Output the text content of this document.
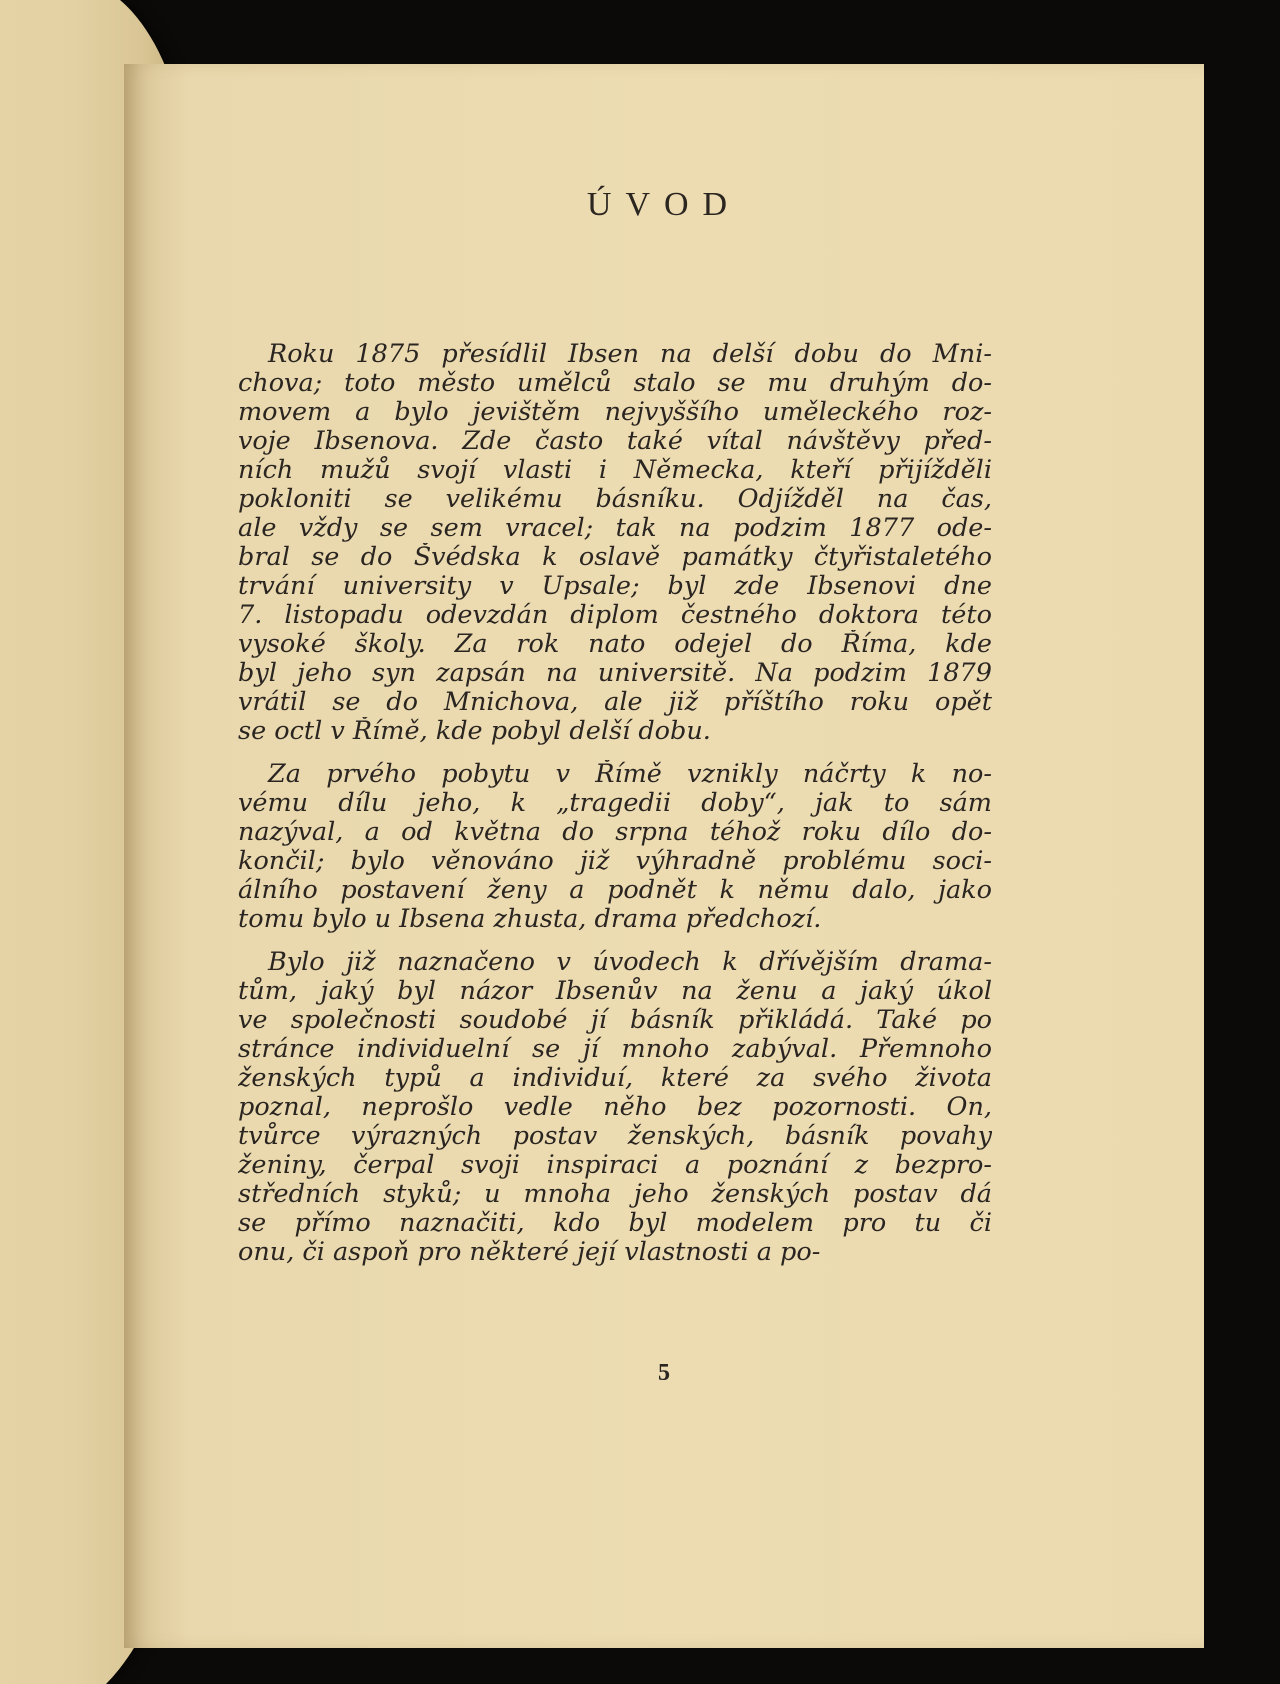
ÚVOD
Roku 1875 přesídlil Ibsen na delší dobu do Mni-
chova; toto město umělců stalo se mu druhým do-
movem a bylo jevištěm nejvyššího uměleckého roz-
voje Ibsenova. Zde často také vítal návštěvy před-
ních mužů svojí vlasti i Německa, kteří přijížděli
pokloniti se velikému básníku. Odjížděl na čas,
ale vždy se sem vracel; tak na podzim 1877 ode-
bral se do Švédska k oslavě památky čtyřistaletého
trvání university v Upsale; byl zde Ibsenovi dne
7. listopadu odevzdán diplom čestného doktora této
vysoké školy. Za rok nato odejel do Říma, kde
byl jeho syn zapsán na universitě. Na podzim 1879
vrátil se do Mnichova, ale již příštího roku opět
se octl v Římě, kde pobyl delší dobu.
Za prvého pobytu v Římě vznikly náčrty k no-
vému dílu jeho, k „tragedii doby“, jak to sám
nazýval, a od května do srpna téhož roku dílo do-
končil; bylo věnováno již výhradně problému soci-
álního postavení ženy a podnět k němu dalo, jako
tomu bylo u Ibsena zhusta, drama předchozí.
Bylo již naznačeno v úvodech k dřívějším drama-
tům, jaký byl názor Ibsenův na ženu a jaký úkol
ve společnosti soudobé jí básník přikládá. Také po
stránce individuelní se jí mnoho zabýval. Přemnoho
ženských typů a individuí, které za svého života
poznal, neprošlo vedle něho bez pozornosti. On,
tvůrce výrazných postav ženských, básník povahy
ženiny, čerpal svoji inspiraci a poznání z bezpro-
středních styků; u mnoha jeho ženských postav dá
se přímo naznačiti, kdo byl modelem pro tu či
onu, či aspoň pro některé její vlastnosti a po-
5
